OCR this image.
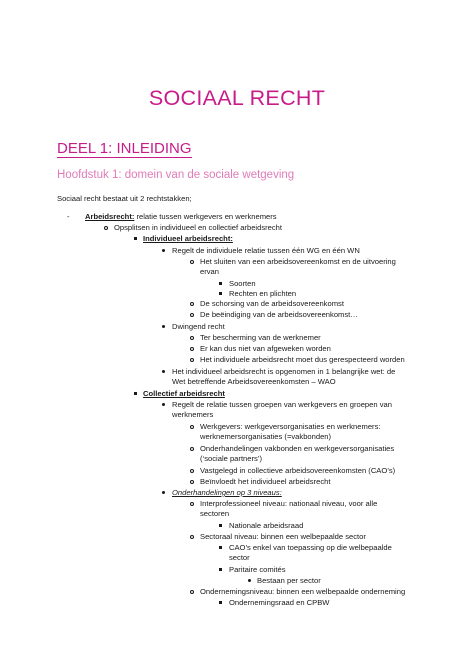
SOCIAAL RECHT
DEEL 1: INLEIDING
Hoofdstuk 1: domein van de sociale wetgeving
Sociaal recht bestaat uit 2 rechtstakken;
- Arbeidsrecht: relatie tussen werkgevers en werknemers
Opsplitsen in individueel en collectief arbeidsrecht
Individueel arbeidsrecht:
Regelt de individuele relatie tussen één WG en één WN
Het sluiten van een arbeidsovereenkomst en de uitvoering
ervan
Soorten
Rechten en plichten
De schorsing van de arbeidsovereenkomst
De beëindiging van de arbeidsovereenkomst…
Dwingend recht
Ter bescherming van de werknemer
Er kan dus niet van afgeweken worden
Het individuele arbeidsrecht moet dus gerespecteerd worden
Het individueel arbeidsrecht is opgenomen in 1 belangrijke wet: de
Wet betreffende Arbeidsovereenkomsten – WAO
Collectief arbeidsrecht
Regelt de relatie tussen groepen van werkgevers en groepen van
werknemers
Werkgevers: werkgeversorganisaties en werknemers:
werknemersorganisaties (=vakbonden)
Onderhandelingen vakbonden en werkgeversorganisaties
(‘sociale partners’)
Vastgelegd in collectieve arbeidsovereenkomsten (CAO’s)
Beïnvloedt het individueel arbeidsrecht
Onderhandelingen op 3 niveaus:
Interprofessioneel niveau: nationaal niveau, voor alle
sectoren
Nationale arbeidsraad
Sectoraal niveau: binnen een welbepaalde sector
CAO’s enkel van toepassing op die welbepaalde
sector
Paritaire comités
Bestaan per sector
Ondernemingsniveau: binnen een welbepaalde onderneming
Ondernemingsraad en CPBW
